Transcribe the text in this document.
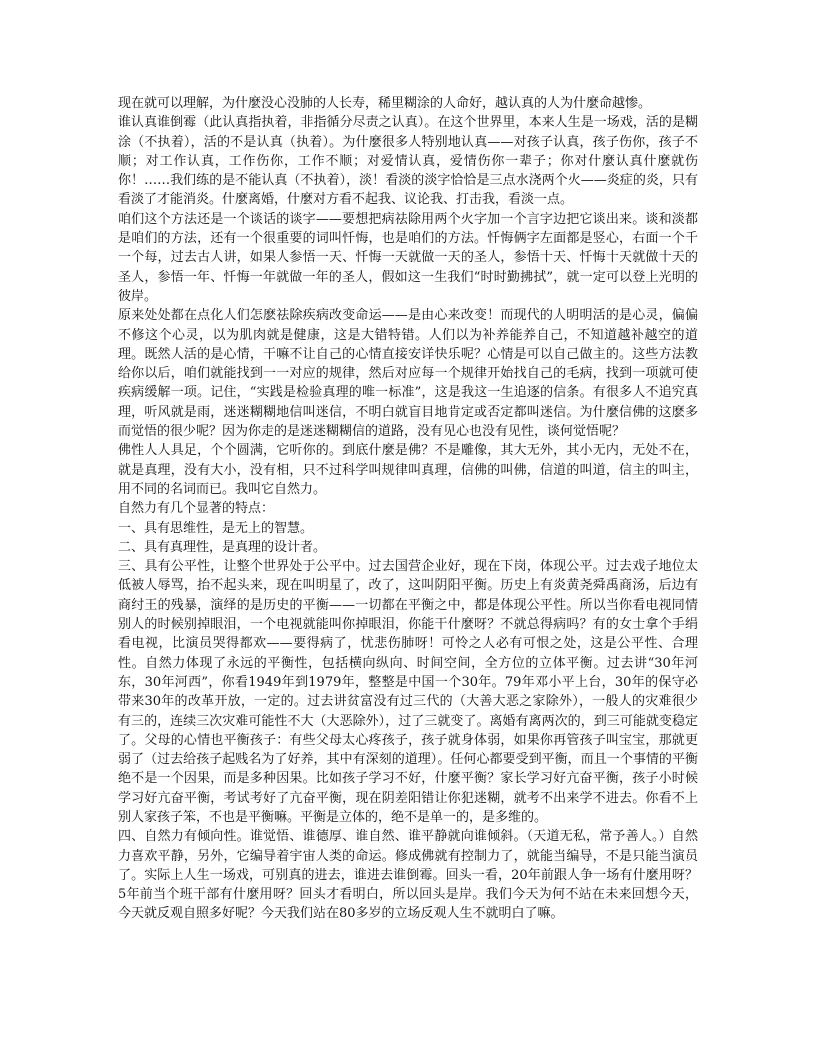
现在就可以理解，为什麼没心没肺的人长寿，稀里糊涂的人命好，越认真的人为什麼命越惨。

谁认真谁倒霉（此认真指执着，非指循分尽责之认真）。在这个世界里，本来人生是一场戏，活的是糊涂（不执着），活的不是认真（执着）。为什麼很多人特别地认真——对孩子认真，孩子伤你，孩子不顺；对工作认真，工作伤你，工作不顺；对爱情认真，爱情伤你一辈子；你对什麼认真什麼就伤你！……我们练的是不能认真（不执着），淡！看淡的淡字恰恰是三点水浇两个火——炎症的炎，只有看淡了才能消炎。什麼离婚，什麼对方看不起我、议论我、打击我，看淡一点。

咱们这个方法还是一个谈话的谈字——要想把病祛除用两个火字加一个言字边把它谈出来。谈和淡都是咱们的方法，还有一个很重要的词叫忏悔，也是咱们的方法。忏悔俩字左面都是竖心，右面一个千一个每，过去古人讲，如果人参悟一天、忏悔一天就做一天的圣人，参悟十天、忏悔十天就做十天的圣人，参悟一年、忏悔一年就做一年的圣人，假如这一生我们“时时勤拂拭”，就一定可以登上光明的彼岸。

原来处处都在点化人们怎麽祛除疾病改变命运——是由心来改变！而现代的人明明活的是心灵，偏偏不修这个心灵，以为肌肉就是健康，这是大错特错。人们以为补养能养自己，不知道越补越空的道理。既然人活的是心情，干嘛不让自己的心情直接安详快乐呢？心情是可以自己做主的。这些方法教给你以后，咱们就能找到一一对应的规律，然后对应每一个规律开始找自己的毛病，找到一项就可使疾病缓解一项。记住，“实践是检验真理的唯一标准”，这是我这一生追逐的信条。有很多人不追究真理，听风就是雨，迷迷糊糊地信叫迷信，不明白就盲目地肯定或否定都叫迷信。为什麼信佛的这麽多而觉悟的很少呢？因为你走的是迷迷糊糊信的道路，没有见心也没有见性，谈何觉悟呢？

佛性人人具足，个个圆满，它听你的。到底什麼是佛？不是雕像，其大无外，其小无内，无处不在，就是真理，没有大小，没有相，只不过科学叫规律叫真理，信佛的叫佛，信道的叫道，信主的叫主，用不同的名词而已。我叫它自然力。

自然力有几个显著的特点：

一、具有思维性，是无上的智慧。

二、具有真理性，是真理的设计者。

三、具有公平性，让整个世界处于公平中。过去国营企业好，现在下岗，体现公平。过去戏子地位太低被人辱骂，抬不起头来，现在叫明星了，改了，这叫阴阳平衡。历史上有炎黄尧舜禹商汤，后边有商纣王的残暴，演绎的是历史的平衡——一切都在平衡之中，都是体现公平性。所以当你看电视同情别人的时候别掉眼泪，一个电视就能叫你掉眼泪，你能干什麼呀？不就总得病吗？有的女士拿个手绢看电视，比演员哭得都欢——要得病了，忧悲伤肺呀！可怜之人必有可恨之处，这是公平性、合理性。自然力体现了永远的平衡性，包括横向纵向、时间空间，全方位的立体平衡。过去讲“30年河东，30年河西”，你看1949年到1979年，整整是中国一个30年。79年邓小平上台，30年的保守必带来30年的改革开放，一定的。过去讲贫富没有过三代的（大善大恶之家除外），一般人的灾难很少有三的，连续三次灾难可能性不大（大恶除外），过了三就变了。离婚有离两次的，到三可能就变稳定了。父母的心情也平衡孩子：有些父母太心疼孩子，孩子就身体弱，如果你再管孩子叫宝宝，那就更弱了（过去给孩子起贱名为了好养，其中有深刻的道理）。任何心都要受到平衡，而且一个事情的平衡绝不是一个因果，而是多种因果。比如孩子学习不好，什麼平衡？家长学习好亢奋平衡，孩子小时候学习好亢奋平衡，考试考好了亢奋平衡，现在阴差阳错让你犯迷糊，就考不出来学不进去。你看不上别人家孩子笨，不也是平衡嘛。平衡是立体的，绝不是单一的，是多维的。

四、自然力有倾向性。谁觉悟、谁德厚、谁自然、谁平静就向谁倾斜。（天道无私，常予善人。）自然力喜欢平静，另外，它编导着宇宙人类的命运。修成佛就有控制力了，就能当编导，不是只能当演员了。实际上人生一场戏，可别真的进去，谁进去谁倒霉。回头一看，20年前跟人争一场有什麼用呀？5年前当个班干部有什麼用呀？回头才看明白，所以回头是岸。我们今天为何不站在未来回想今天，今天就反观自照多好呢？今天我们站在80多岁的立场反观人生不就明白了嘛。
